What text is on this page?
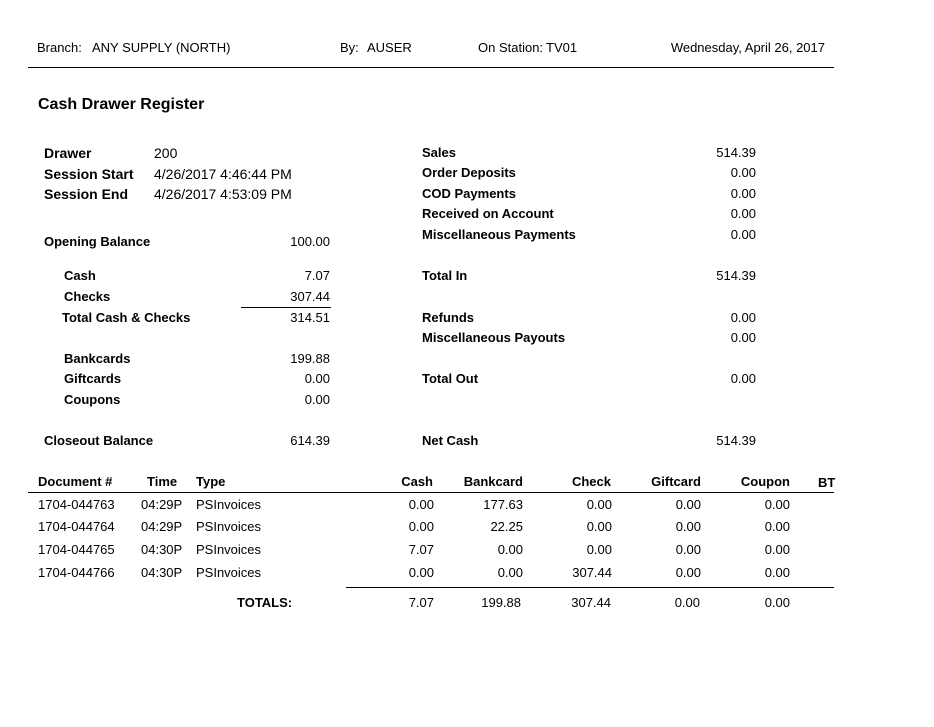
Branch: ANY SUPPLY (NORTH)	By: AUSER	On Station: TV01	Wednesday, April 26, 2017
Cash Drawer Register
Drawer	200
Session Start 4/26/2017 4:46:44 PM
Session End 4/26/2017 4:53:09 PM
Opening Balance	100.00
Cash	7.07
Checks	307.44
Total Cash & Checks	314.51
Bankcards	199.88
Giftcards	0.00
Coupons	0.00
Closeout Balance	614.39
Sales	514.39
Order Deposits	0.00
COD Payments	0.00
Received on Account	0.00
Miscellaneous Payments	0.00
Total In	514.39
Refunds	0.00
Miscellaneous Payouts	0.00
Total Out	0.00
Net Cash	514.39
Document #	Time Type	Cash	Bankcard	Check	Giftcard	Coupon BT
1704-044763 04:29P PSInvoices	0.00	177.63	0.00	0.00	0.00
1704-044764 04:29P PSInvoices	0.00	22.25	0.00	0.00	0.00
1704-044765 04:30P PSInvoices	7.07	0.00	0.00	0.00	0.00
1704-044766 04:30P PSInvoices	0.00	0.00	307.44	0.00	0.00
TOTALS:	7.07	199.88	307.44	0.00	0.00
